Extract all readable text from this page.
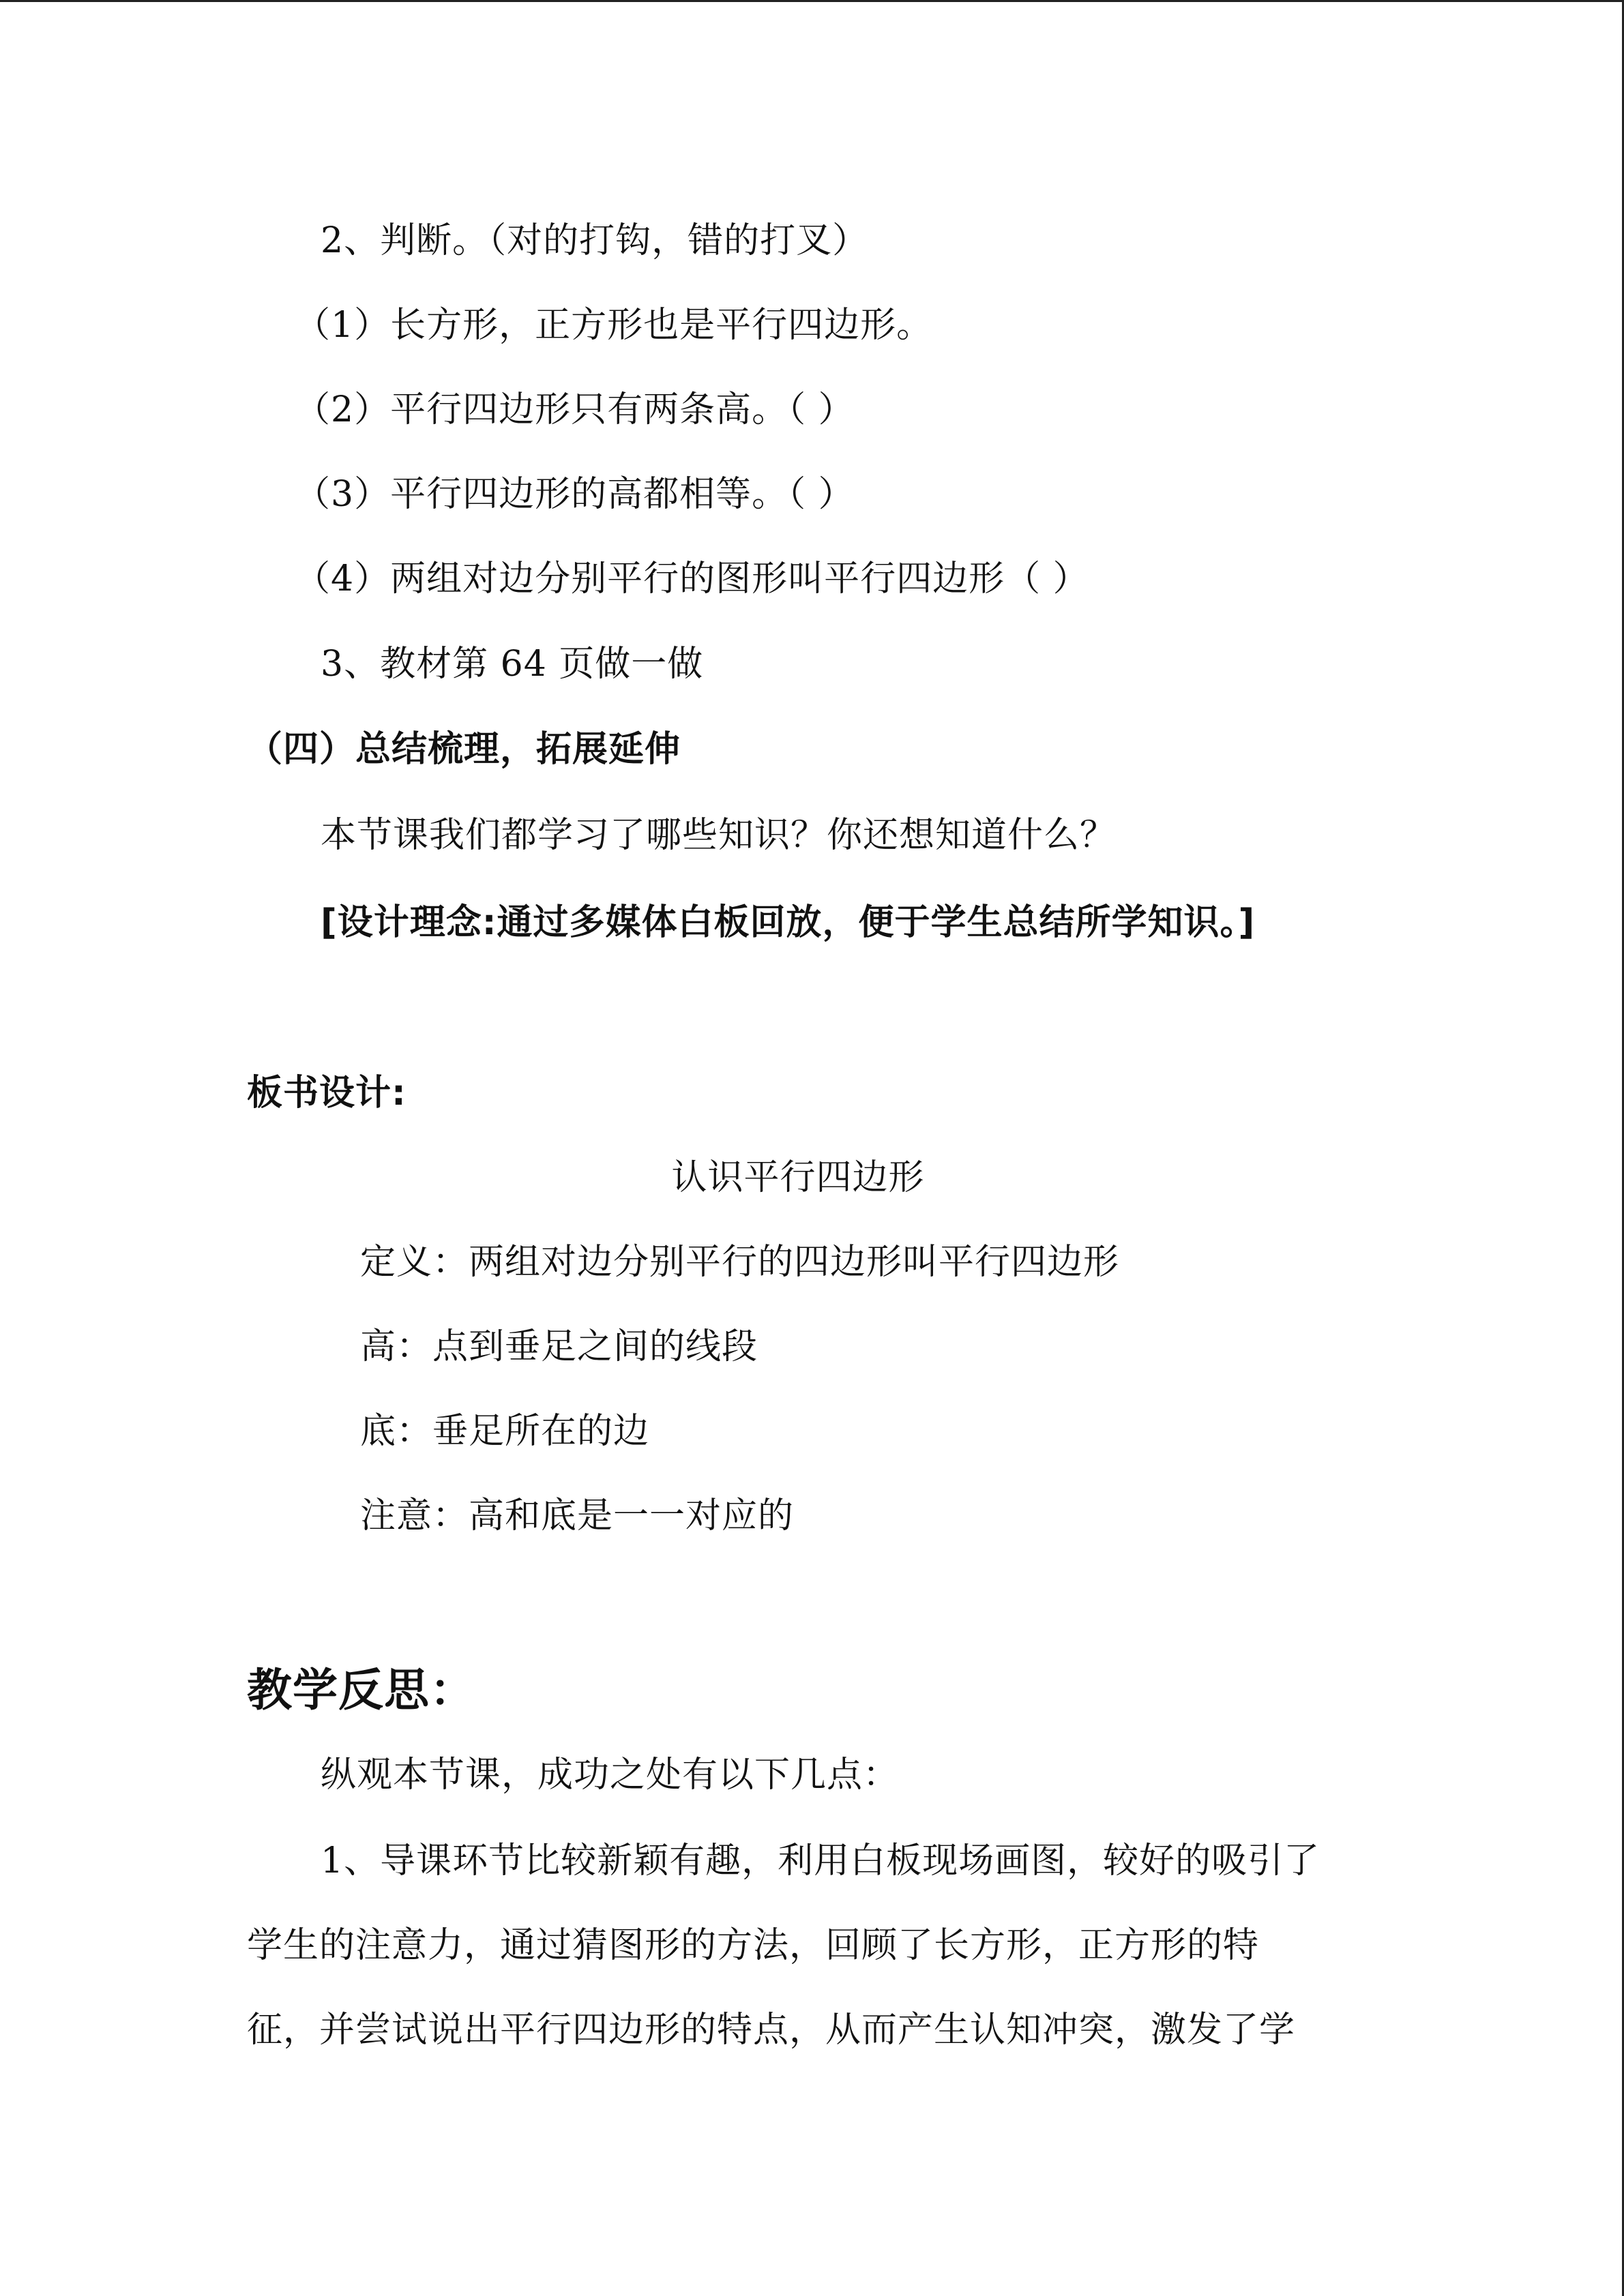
2、判断。（对的打钩，错的打叉）
（1）长方形，正方形也是平行四边形。
（2）平行四边形只有两条高。（ ）
（3）平行四边形的高都相等。（ ）
（4）两组对边分别平行的图形叫平行四边形（ ）
3、教材第 64 页做一做
（四）总结梳理，拓展延伸
本节课我们都学习了哪些知识？你还想知道什么？
[设计理念:通过多媒体白板回放，便于学生总结所学知识。]
板书设计:
认识平行四边形
定义：两组对边分别平行的四边形叫平行四边形
高：点到垂足之间的线段
底：垂足所在的边
注意：高和底是一一对应的
教学反思：
纵观本节课，成功之处有以下几点：
1、导课环节比较新颖有趣，利用白板现场画图，较好的吸引了
学生的注意力，通过猜图形的方法，回顾了长方形，正方形的特
征，并尝试说出平行四边形的特点，从而产生认知冲突，激发了学
